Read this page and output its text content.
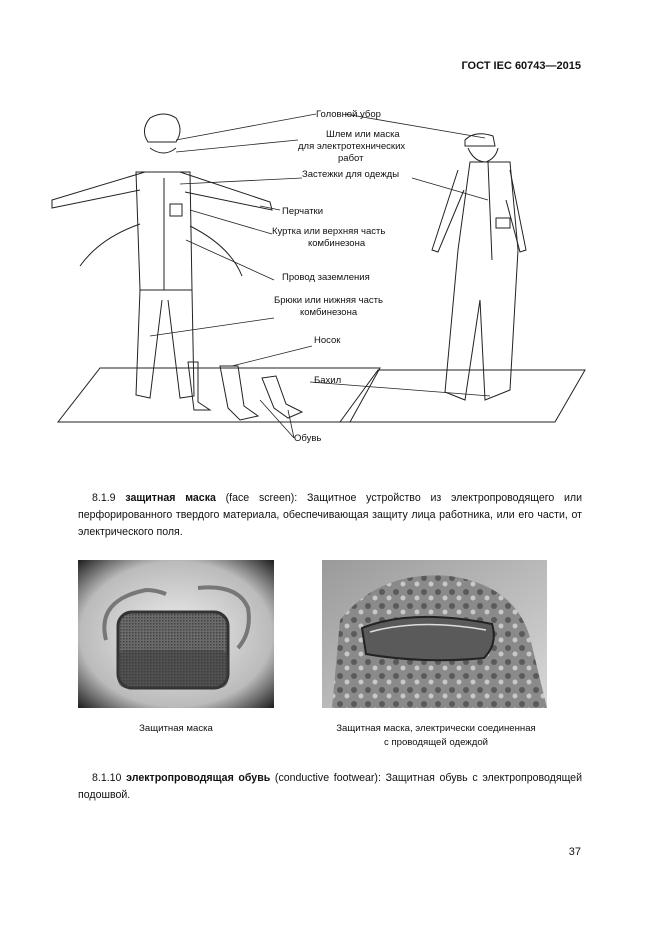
ГОСТ IEC 60743—2015
Головной убор
Шлем или маска
для электротехнических
работ
Застежки для одежды
Перчатки
Куртка или верхняя часть
комбинезона
Провод заземления
Брюки или нижняя часть
комбинезона
Носок
Бахил
Обувь
8.1.9 защитная маска (face screen): Защитное устройство из электропроводящего или перфорированного твердого материала, обеспечивающая защиту лица работника, или его части, от электрического поля.
Защитная маска	Защитная маска, электрически соединенная
с проводящей одеждой
8.1.10 электропроводящая обувь (conductive footwear): Защитная обувь с электропроводящей подошвой.
37
